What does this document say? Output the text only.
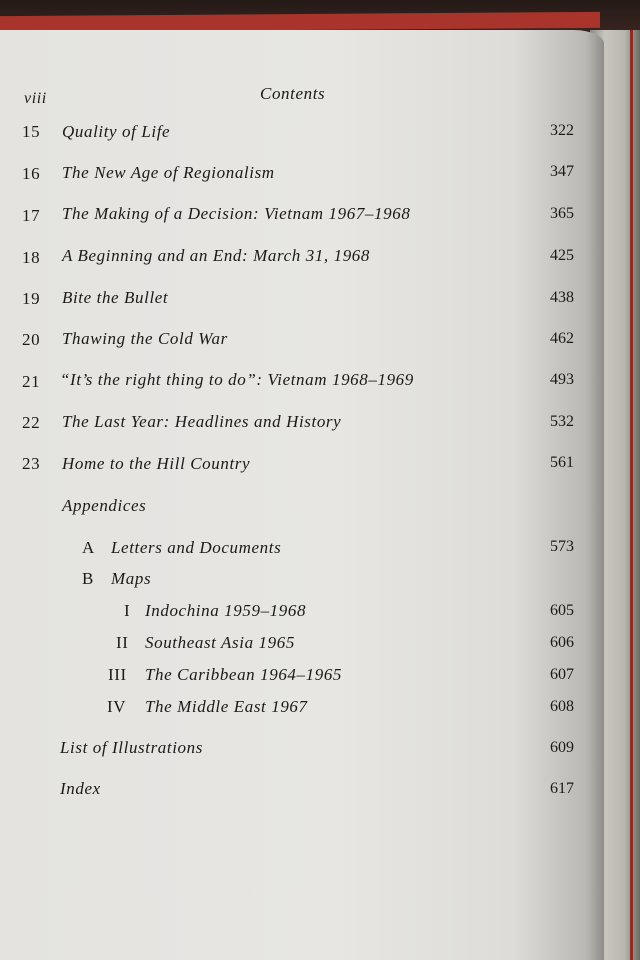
viii	Contents
15 Quality of Life	322
16 The New Age of Regionalism	347
17 The Making of a Decision: Vietnam 1967–1968	365
18 A Beginning and an End: March 31, 1968	425
19 Bite the Bullet	438
20 Thawing the Cold War	462
21 “It’s the right thing to do”: Vietnam 1968–1969	493
22 The Last Year: Headlines and History	532
23 Home to the Hill Country	561
Appendices
A Letters and Documents	573
B Maps
I Indochina 1959–1968	605
II Southeast Asia 1965	606
III The Caribbean 1964–1965	607
IV The Middle East 1967	608
List of Illustrations	609
Index	617
